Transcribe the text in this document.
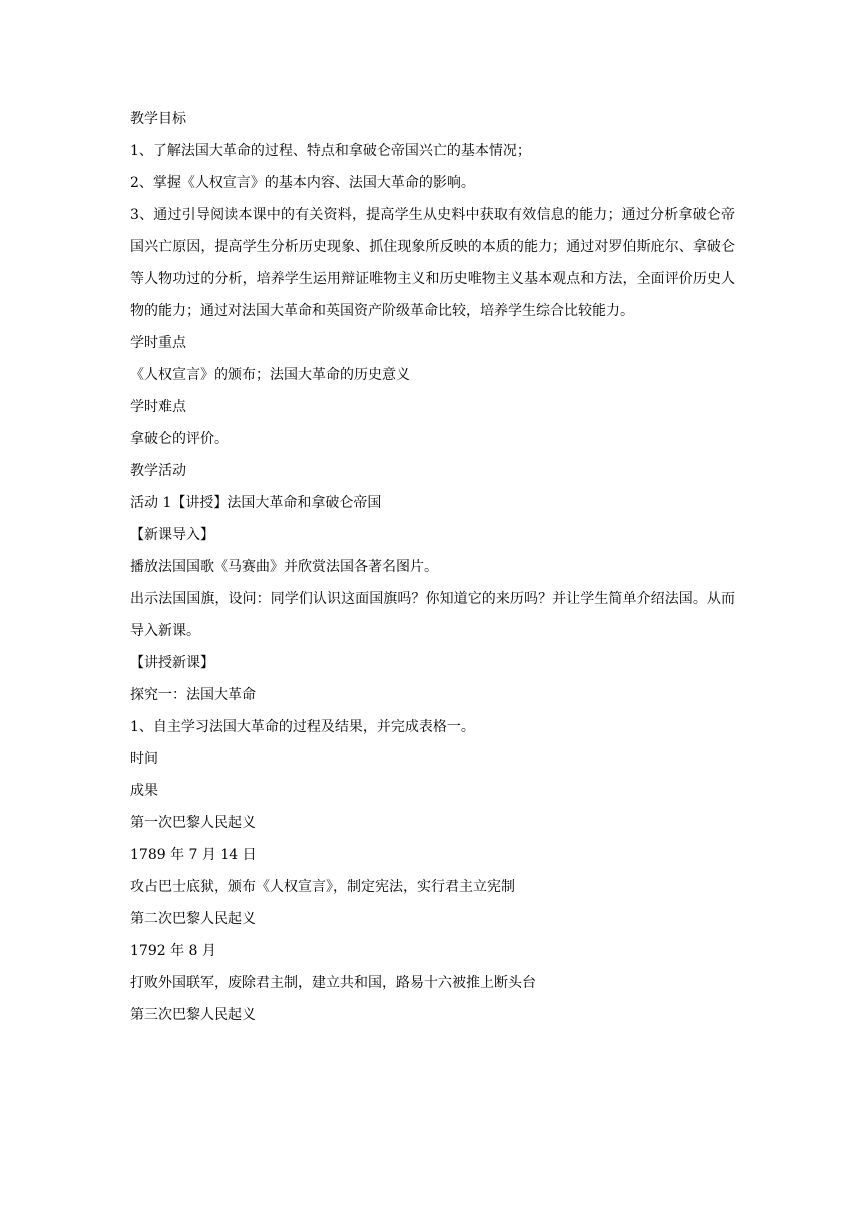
教学目标

1、了解法国大革命的过程、特点和拿破仑帝国兴亡的基本情况；

2、掌握《人权宣言》的基本内容、法国大革命的影响。

3、通过引导阅读本课中的有关资料，提高学生从史料中获取有效信息的能力；通过分析拿破仑帝国兴亡原因，提高学生分析历史现象、抓住现象所反映的本质的能力；通过对罗伯斯庇尔、拿破仑等人物功过的分析，培养学生运用辩证唯物主义和历史唯物主义基本观点和方法，全面评价历史人物的能力；通过对法国大革命和英国资产阶级革命比较，培养学生综合比较能力。

学时重点

《人权宣言》的颁布；法国大革命的历史意义

学时难点

拿破仑的评价。

教学活动

活动 1【讲授】法国大革命和拿破仑帝国

【新课导入】

播放法国国歌《马赛曲》并欣赏法国各著名图片。

出示法国国旗，设问：同学们认识这面国旗吗？你知道它的来历吗？并让学生简单介绍法国。从而导入新课。

【讲授新课】

探究一：法国大革命

1、自主学习法国大革命的过程及结果，并完成表格一。

时间

成果

第一次巴黎人民起义

1789 年 7 月 14 日

攻占巴士底狱，颁布《人权宣言》，制定宪法，实行君主立宪制

第二次巴黎人民起义

1792 年 8 月

打败外国联军，废除君主制，建立共和国，路易十六被推上断头台

第三次巴黎人民起义
